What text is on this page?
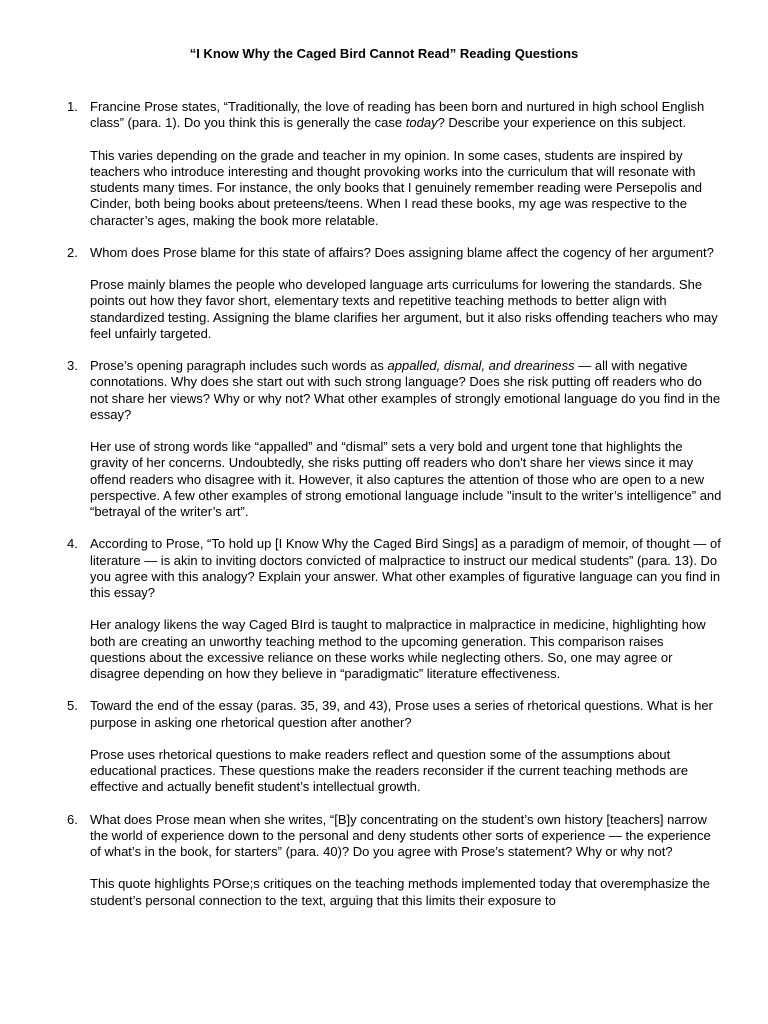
“I Know Why the Caged Bird Cannot Read” Reading Questions
1. Francine Prose states, “Traditionally, the love of reading has been born and nurtured in high school English class” (para. 1). Do you think this is generally the case today? Describe your experience on this subject.

This varies depending on the grade and teacher in my opinion. In some cases, students are inspired by teachers who introduce interesting and thought provoking works into the curriculum that will resonate with students many times. For instance, the only books that I genuinely remember reading were Persepolis and Cinder, both being books about preteens/teens. When I read these books, my age was respective to the character’s ages, making the book more relatable.

2. Whom does Prose blame for this state of affairs? Does assigning blame affect the cogency of her argument?

Prose mainly blames the people who developed language arts curriculums for lowering the standards. She points out how they favor short, elementary texts and repetitive teaching methods to better align with standardized testing. Assigning the blame clarifies her argument, but it also risks offending teachers who may feel unfairly targeted.

3. Prose’s opening paragraph includes such words as appalled, dismal, and dreariness — all with negative connotations. Why does she start out with such strong language? Does she risk putting off readers who do not share her views? Why or why not? What other examples of strongly emotional language do you find in the essay?

Her use of strong words like “appalled” and “dismal” sets a very bold and urgent tone that highlights the gravity of her concerns. Undoubtedly, she risks putting off readers who don't share her views since it may offend readers who disagree with it. However, it also captures the attention of those who are open to a new perspective. A few other examples of strong emotional language include "insult to the writer’s intelligence” and “betrayal of the writer’s art”.

4. According to Prose, “To hold up [I Know Why the Caged Bird Sings] as a paradigm of memoir, of thought — of literature — is akin to inviting doctors convicted of malpractice to instruct our medical students” (para. 13). Do you agree with this analogy? Explain your answer. What other examples of figurative language can you find in this essay?

Her analogy likens the way Caged BIrd is taught to malpractice in malpractice in medicine, highlighting how both are creating an unworthy teaching method to the upcoming generation. This comparison raises questions about the excessive reliance on these works while neglecting others. So, one may agree or disagree depending on how they believe in “paradigmatic” literature effectiveness.

5. Toward the end of the essay (paras. 35, 39, and 43), Prose uses a series of rhetorical questions. What is her purpose in asking one rhetorical question after another?

Prose uses rhetorical questions to make readers reflect and question some of the assumptions about educational practices. These questions make the readers reconsider if the current teaching methods are effective and actually benefit student’s intellectual growth.

6. What does Prose mean when she writes, “[B]y concentrating on the student’s own history [teachers] narrow the world of experience down to the personal and deny students other sorts of experience — the experience of what’s in the book, for starters” (para. 40)? Do you agree with Prose’s statement? Why or why not?

This quote highlights POrse;s critiques on the teaching methods implemented today that overemphasize the student’s personal connection to the text, arguing that this limits their exposure to
